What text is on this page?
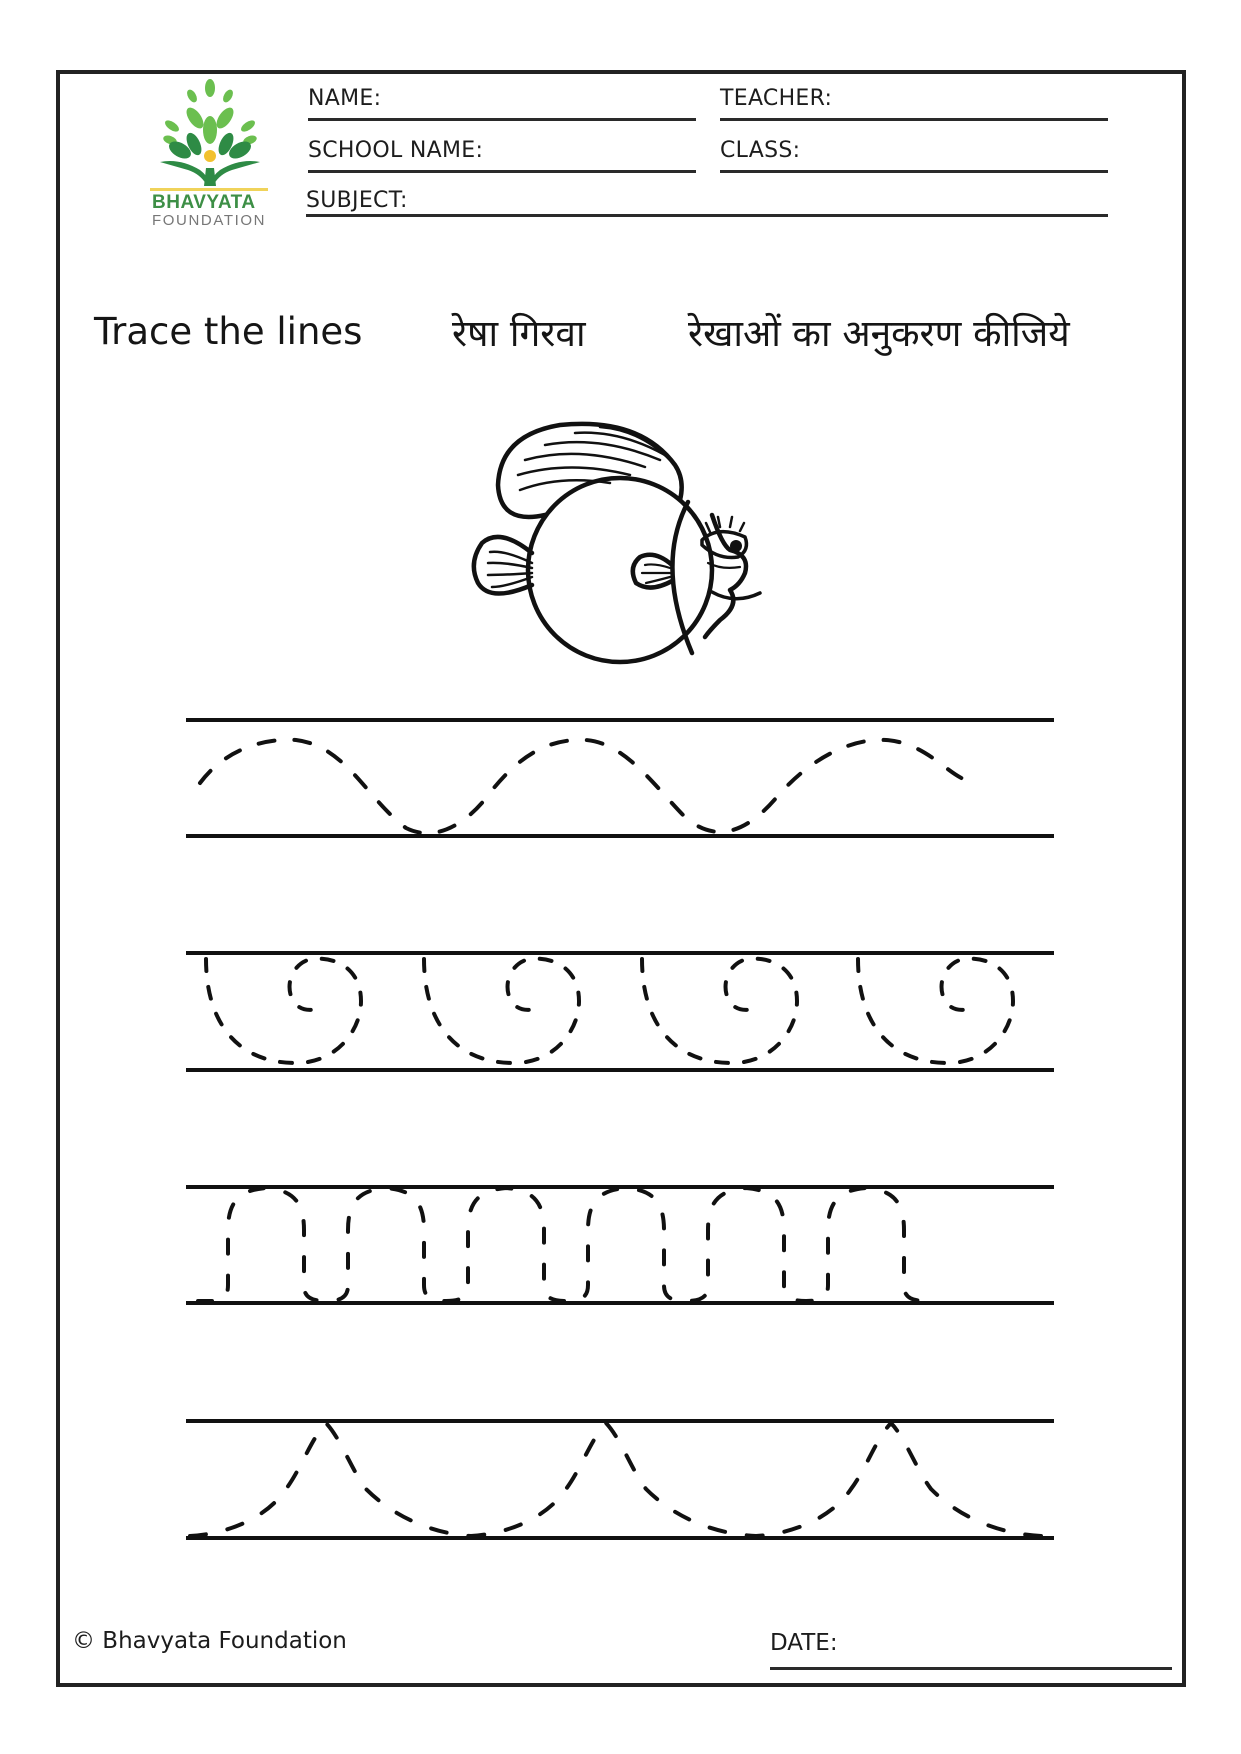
BHAVYATA
FOUNDATION
NAME:	TEACHER:
SCHOOL NAME:	CLASS:
SUBJECT:
Trace the lines रेषा गिरवा	रेखाओं का अनुकरण कीजिये
© Bhavyata Foundation	DATE:
